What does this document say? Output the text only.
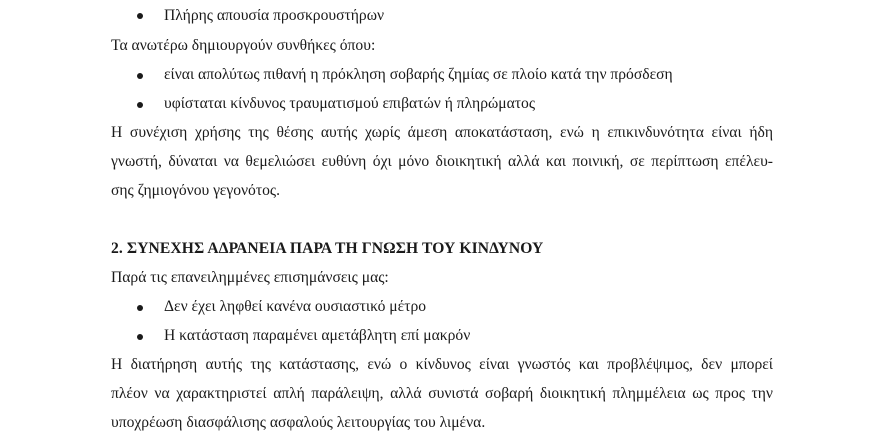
Πλήρης απουσία προσκρουστήρων
Τα ανωτέρω δημιουργούν συνθήκες όπου:
είναι απολύτως πιθανή η πρόκληση σοβαρής ζημίας σε πλοίο κατά την πρόσδεση
υφίσταται κίνδυνος τραυματισμού επιβατών ή πληρώματος
Η συνέχιση χρήσης της θέσης αυτής χωρίς άμεση αποκατάσταση, ενώ η επικινδυνότητα είναι ήδη
γνωστή, δύναται να θεμελιώσει ευθύνη όχι μόνο διοικητική αλλά και ποινική, σε περίπτωση επέλευ-
σης ζημιογόνου γεγονότος.
2. ΣΥΝΕΧΗΣ ΑΔΡΑΝΕΙΑ ΠΑΡΑ ΤΗ ΓΝΩΣΗ ΤΟΥ ΚΙΝΔΥΝΟΥ
Παρά τις επανειλημμένες επισημάνσεις μας:
Δεν έχει ληφθεί κανένα ουσιαστικό μέτρο
Η κατάσταση παραμένει αμετάβλητη επί μακρόν
Η διατήρηση αυτής της κατάστασης, ενώ ο κίνδυνος είναι γνωστός και προβλέψιμος, δεν μπορεί
πλέον να χαρακτηριστεί απλή παράλειψη, αλλά συνιστά σοβαρή διοικητική πλημμέλεια ως προς την
υποχρέωση διασφάλισης ασφαλούς λειτουργίας του λιμένα.
